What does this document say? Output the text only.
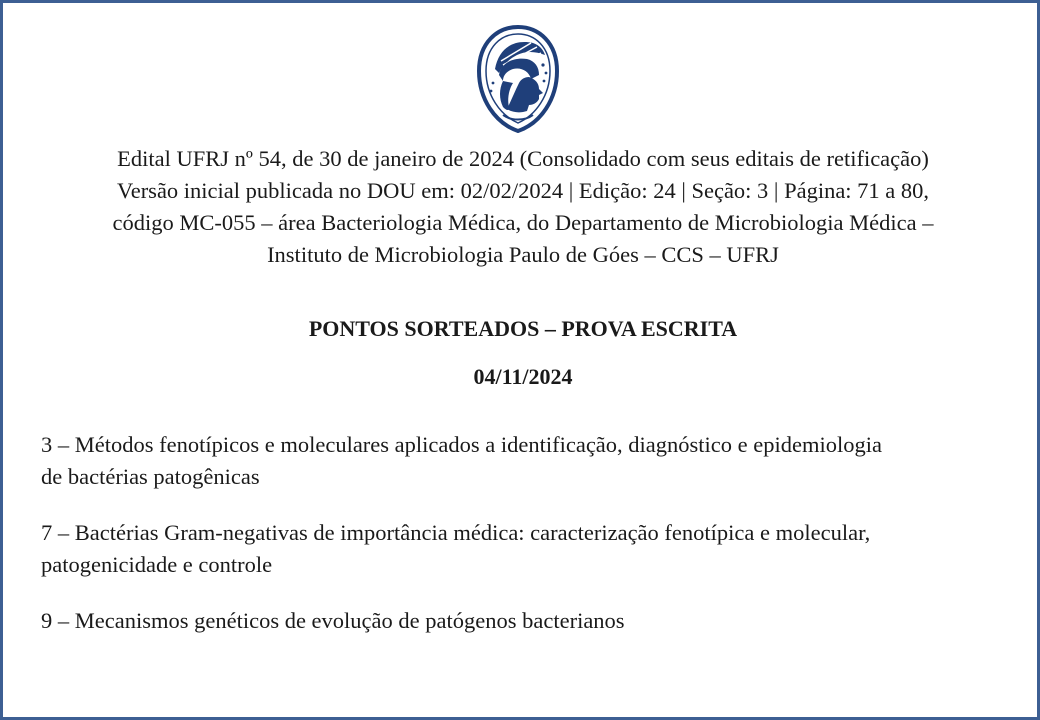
Edital UFRJ nº 54, de 30 de janeiro de 2024 (Consolidado com seus editais de retificação)
Versão inicial publicada no DOU em: 02/02/2024 | Edição: 24 | Seção: 3 | Página: 71 a 80,
código MC-055 – área Bacteriologia Médica, do Departamento de Microbiologia Médica –
Instituto de Microbiologia Paulo de Góes – CCS – UFRJ
PONTOS SORTEADOS – PROVA ESCRITA
04/11/2024
3 – Métodos fenotípicos e moleculares aplicados a identificação, diagnóstico e epidemiologia
de bactérias patogênicas
7 – Bactérias Gram-negativas de importância médica: caracterização fenotípica e molecular,
patogenicidade e controle
9 – Mecanismos genéticos de evolução de patógenos bacterianos
